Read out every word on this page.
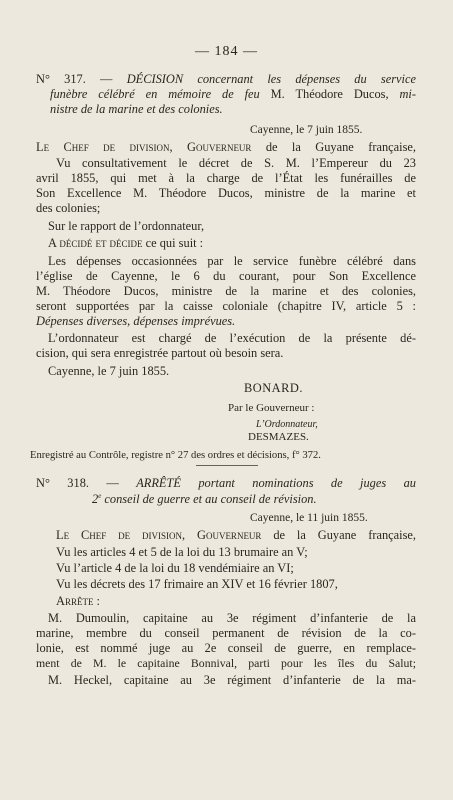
— 184 —
N° 317. — DÉCISION concernant les dépenses du service
funèbre célébré en mémoire de feu M. Théodore Ducos, mi-
nistre de la marine et des colonies.
Cayenne, le 7 juin 1855.
Le Chef de division, Gouverneur de la Guyane française,
Vu consultativement le décret de S. M. l’Empereur du 23
avril 1855, qui met à la charge de l’État les funérailles de
Son Excellence M. Théodore Ducos, ministre de la marine et
des colonies;
Sur le rapport de l’ordonnateur,
A décidé et décide ce qui suit :
Les dépenses occasionnées par le service funèbre célébré dans
l’église de Cayenne, le 6 du courant, pour Son Excellence
M. Théodore Ducos, ministre de la marine et des colonies,
seront supportées par la caisse coloniale (chapitre IV, article 5 :
Dépenses diverses, dépenses imprévues.
L’ordonnateur est chargé de l’exécution de la présente dé-
cision, qui sera enregistrée partout où besoin sera.
Cayenne, le 7 juin 1855.
BONARD.
Par le Gouverneur :
L’Ordonnateur,
DESMAZES.
Enregistré au Contrôle, registre n° 27 des ordres et décisions, f° 372.
N° 318. — ARRÊTÉ portant nominations de juges au
2e conseil de guerre et au conseil de révision.
Cayenne, le 11 juin 1855.
Le Chef de division, Gouverneur de la Guyane française,
Vu les articles 4 et 5 de la loi du 13 brumaire an V;
Vu l’article 4 de la loi du 18 vendémiaire an VI;
Vu les décrets des 17 frimaire an XIV et 16 février 1807,
Arrête :
M. Dumoulin, capitaine au 3e régiment d’infanterie de la
marine, membre du conseil permanent de révision de la co-
lonie, est nommé juge au 2e conseil de guerre, en remplace-
ment de M. le capitaine Bonnival, parti pour les îles du Salut;
M. Heckel, capitaine au 3e régiment d’infanterie de la ma-
